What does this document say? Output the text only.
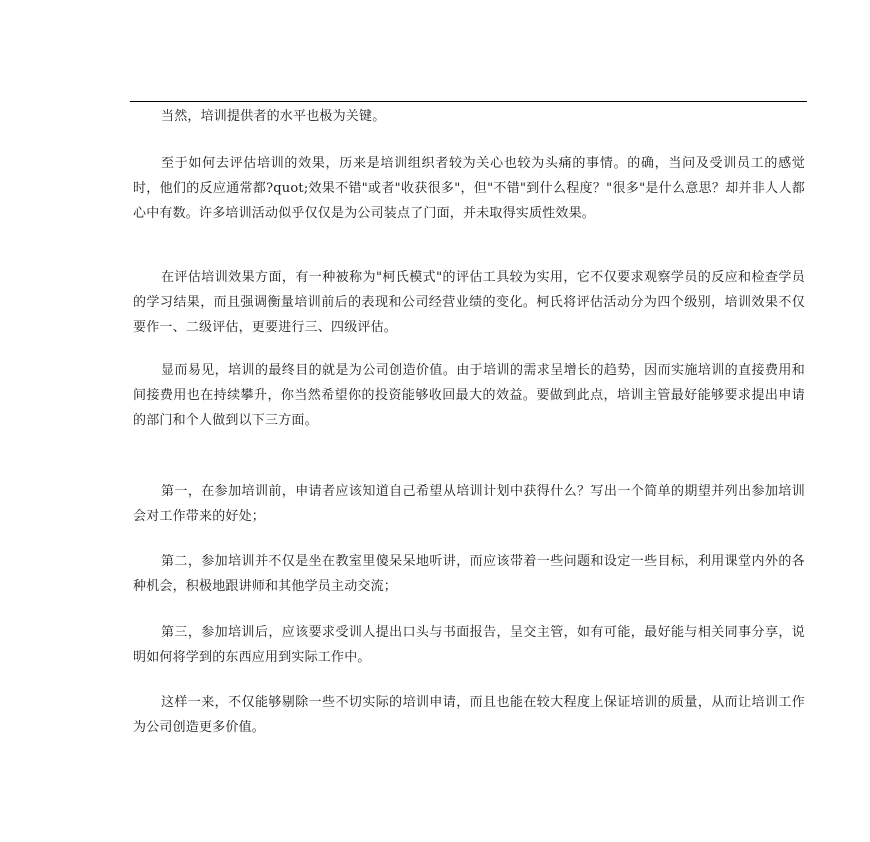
当然，培训提供者的水平也极为关键。

至于如何去评估培训的效果，历来是培训组织者较为关心也较为头痛的事情。的确，当问及受训员工的感觉时，他们的反应通常都?quot;效果不错"或者"收获很多"，但"不错"到什么程度？"很多"是什么意思？却并非人人都心中有数。许多培训活动似乎仅仅是为公司装点了门面，并未取得实质性效果。

在评估培训效果方面，有一种被称为"柯氏模式"的评估工具较为实用，它不仅要求观察学员的反应和检查学员的学习结果，而且强调衡量培训前后的表现和公司经营业绩的变化。柯氏将评估活动分为四个级别，培训效果不仅要作一、二级评估，更要进行三、四级评估。

显而易见，培训的最终目的就是为公司创造价值。由于培训的需求呈增长的趋势，因而实施培训的直接费用和间接费用也在持续攀升，你当然希望你的投资能够收回最大的效益。要做到此点，培训主管最好能够要求提出申请的部门和个人做到以下三方面。

第一，在参加培训前，申请者应该知道自己希望从培训计划中获得什么？写出一个简单的期望并列出参加培训会对工作带来的好处；

第二，参加培训并不仅是坐在教室里傻呆呆地听讲，而应该带着一些问题和设定一些目标，利用课堂内外的各种机会，积极地跟讲师和其他学员主动交流；

第三，参加培训后，应该要求受训人提出口头与书面报告，呈交主管，如有可能，最好能与相关同事分享，说明如何将学到的东西应用到实际工作中。

这样一来，不仅能够剔除一些不切实际的培训申请，而且也能在较大程度上保证培训的质量，从而让培训工作为公司创造更多价值。
